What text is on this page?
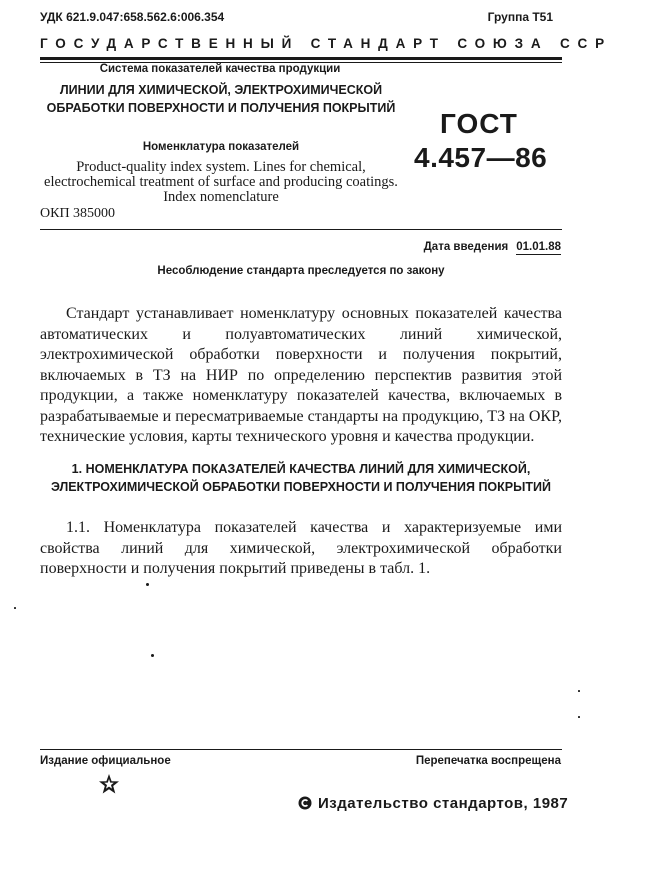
УДК 621.9.047:658.562.6:006.354	Группа Т51
ГОСУДАРСТВЕННЫЙ СТАНДАРТ СОЮЗА ССР
Система показателей качества продукции
ЛИНИИ ДЛЯ ХИМИЧЕСКОЙ, ЭЛЕКТРОХИМИЧЕСКОЙ ОБРАБОТКИ ПОВЕРХНОСТИ И ПОЛУЧЕНИЯ ПОКРЫТИЙ
Номенклатура показателей
Product-quality index system. Lines for chemical, electrochemical treatment of surface and producing coatings. Index nomenclature
ОКП 385000
ГОСТ
4.457—86
Дата введения 01.01.88
Несоблюдение стандарта преследуется по закону

Стандарт устанавливает номенклатуру основных показателей качества автоматических и полуавтоматических линий химической, электрохимической обработки поверхности и получения покрытий, включаемых в ТЗ на НИР по определению перспектив развития этой продукции, а также номенклатуру показателей качества, включаемых в разрабатываемые и пересматриваемые стандарты на продукцию, ТЗ на ОКР, технические условия, карты технического уровня и качества продукции.

1. НОМЕНКЛАТУРА ПОКАЗАТЕЛЕЙ КАЧЕСТВА ЛИНИЙ ДЛЯ ХИМИЧЕСКОЙ, ЭЛЕКТРОХИМИЧЕСКОЙ ОБРАБОТКИ ПОВЕРХНОСТИ И ПОЛУЧЕНИЯ ПОКРЫТИЙ

1.1. Номенклатура показателей качества и характеризуемые ими свойства линий для химической, электрохимической обработки поверхности и получения покрытий приведены в табл. 1.

Издание официальное	Перепечатка воспрещена
Издательство стандартов, 1987
